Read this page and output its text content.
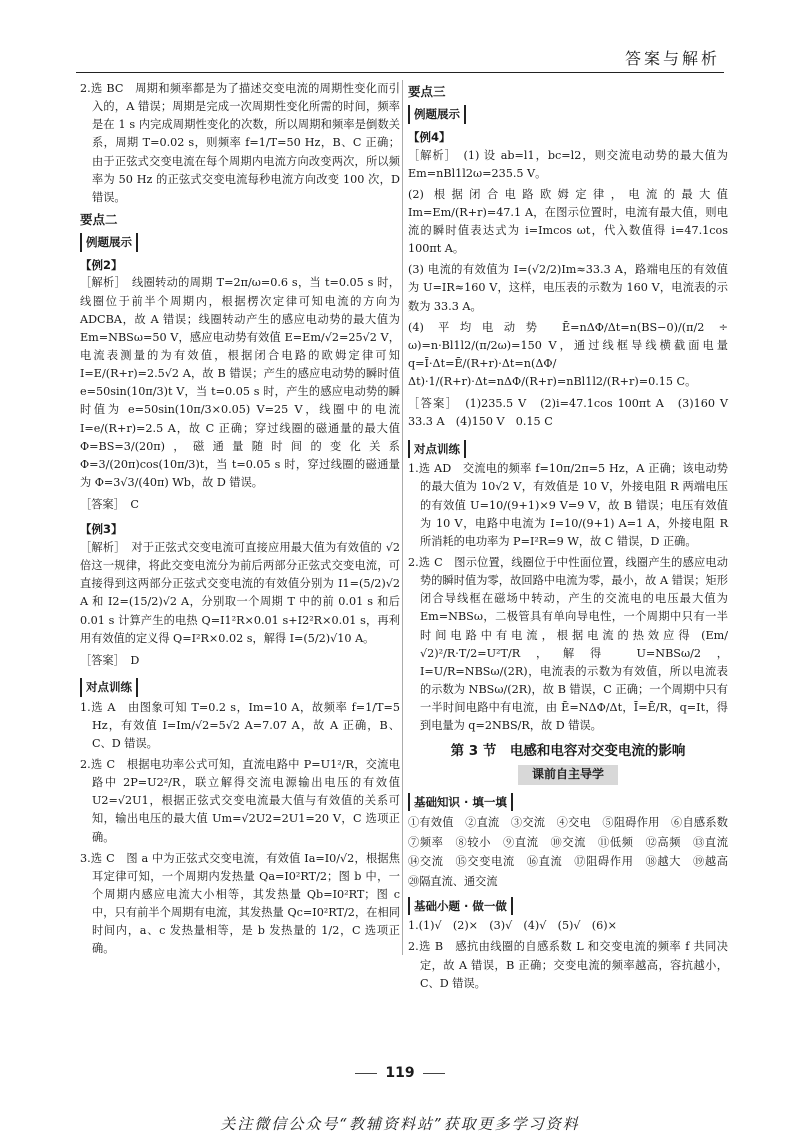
答案与解析

2.选 BC　周期和频率都是为了描述交变电流的周期性变化而引入的，A 错误；周期是完成一次周期性变化所需的时间，频率是在 1 s 内完成周期性变化的次数，所以周期和频率是倒数关系，周期 T=0.02 s，则频率 f=1/T=50 Hz，B、C 正确；由于正弦式交变电流在每个周期内电流方向改变两次，所以频率为 50 Hz 的正弦式交变电流每秒电流方向改变 100 次，D 错误。

要点二
例题展示
【例2】

［解析］　线圈转动的周期 T=2π/ω=0.6 s，当 t=0.05 s 时，线圈位于前半个周期内，根据楞次定律可知电流的方向为 ADCBA，故 A 错误；线圈转动产生的感应电动势的最大值为 Em=NBSω=50 V，感应电动势有效值 E=Em/√2=25√2 V，电流表测量的为有效值，根据闭合电路的欧姆定律可知 I=E/(R+r)=2.5√2 A，故 B 错误；产生的感应电动势的瞬时值 e=50sin(10π/3)t V，当 t=0.05 s 时，产生的感应电动势的瞬时值为 e=50sin(10π/3×0.05) V=25 V，线圈中的电流 I=e/(R+r)=2.5 A，故 C 正确；穿过线圈的磁通量的最大值 Φ=BS=3/(20π)，磁通量随时间的变化关系 Φ=3/(20π)cos(10π/3)t，当 t=0.05 s 时，穿过线圈的磁通量为 Φ=3√3/(40π) Wb，故 D 错误。

［答案］　C

【例3】

［解析］　对于正弦式交变电流可直接应用最大值为有效值的 √2 倍这一规律，将此交变电流分为前后两部分正弦式交变电流，可直接得到这两部分正弦式交变电流的有效值分别为 I1=(5/2)√2 A 和 I2=(15/2)√2 A，分别取一个周期 T 中的前 0.01 s 和后 0.01 s 计算产生的电热 Q=I1²R×0.01 s+I2²R×0.01 s，再利用有效值的定义得 Q=I²R×0.02 s，解得 I=(5/2)√10 A。

［答案］　D

对点训练

1.选 A　由图象可知 T=0.2 s，Im=10 A，故频率 f=1/T=5 Hz，有效值 I=Im/√2=5√2 A=7.07 A，故 A 正确，B、C、D 错误。

2.选 C　根据电功率公式可知，直流电路中 P=U1²/R，交流电路中 2P=U2²/R，联立解得交流电源输出电压的有效值 U2=√2U1，根据正弦式交变电流最大值与有效值的关系可知，输出电压的最大值 Um=√2U2=2U1=20 V，C 选项正确。

3.选 C　图 a 中为正弦式交变电流，有效值 Ia=I0/√2，根据焦耳定律可知，一个周期内发热量 Qa=I0²RT/2；图 b 中，一个周期内感应电流大小相等，其发热量 Qb=I0²RT；图 c 中，只有前半个周期有电流，其发热量 Qc=I0²RT/2，在相同时间内，a、c 发热量相等，是 b 发热量的 1/2，C 选项正确。

要点三
例题展示
【例4】

［解析］　(1) 设 ab=l1，bc=l2，则交流电动势的最大值为 Em=nBl1l2ω=235.5 V。

(2) 根据闭合电路欧姆定律，电流的最大值 Im=Em/(R+r)=47.1 A，在图示位置时，电流有最大值，则电流的瞬时值表达式为 i=Imcos ωt，代入数值得 i=47.1cos 100πt A。

(3) 电流的有效值为 I=(√2/2)Im≈33.3 A，路端电压的有效值为 U=IR≈160 V，这样，电压表的示数为 160 V，电流表的示数为 33.3 A。

(4) 平均电动势 Ē=nΔΦ/Δt=n(BS−0)/(π/2 ÷ ω)=n·Bl1l2/(π/2ω)=150 V，通过线框导线横截面电量 q=Ī·Δt=Ē/(R+r)·Δt=n(ΔΦ/Δt)·1/(R+r)·Δt=nΔΦ/(R+r)=nBl1l2/(R+r)=0.15 C。

［答案］　(1)235.5 V　(2)i=47.1cos 100πt A　(3)160 V　33.3 A　(4)150 V　0.15 C

对点训练

1.选 AD　交流电的频率 f=10π/2π=5 Hz，A 正确；该电动势的最大值为 10√2 V，有效值是 10 V，外接电阻 R 两端电压的有效值 U=10/(9+1)×9 V=9 V，故 B 错误；电压有效值为 10 V，电路中电流为 I=10/(9+1) A=1 A，外接电阻 R 所消耗的电功率为 P=I²R=9 W，故 C 错误，D 正确。

2.选 C　图示位置，线圈位于中性面位置，线圈产生的感应电动势的瞬时值为零，故回路中电流为零，最小，故 A 错误；矩形闭合导线框在磁场中转动，产生的交流电的电压最大值为 Em=NBSω，二极管具有单向导电性，一个周期中只有一半时间电路中有电流，根据电流的热效应得 (Em/√2)²/R·T/2=U²T/R，解得 U=NBSω/2，I=U/R=NBSω/(2R)，电流表的示数为有效值，所以电流表的示数为 NBSω/(2R)，故 B 错误，C 正确；一个周期中只有一半时间电路中有电流，由 Ē=NΔΦ/Δt，Ī=Ē/R，q=It，得到电量为 q=2NBS/R，故 D 错误。

第 3 节　电感和电容对交变电流的影响
课前自主导学
基础知识 · 填一填

①有效值　②直流　③交流　④交电　⑤阻碍作用　⑥自感系数　⑦频率　⑧较小　⑨直流　⑩交流　⑪低频　⑫高频　⑬直流　⑭交流　⑮交变电流　⑯直流　⑰阻碍作用　⑱越大　⑲越高　⑳隔直流、通交流

基础小题 · 做一做

1.(1)√　(2)×　(3)√　(4)√　(5)√　(6)×

2.选 B　感抗由线圈的自感系数 L 和交变电流的频率 f 共同决定，故 A 错误，B 正确；交变电流的频率越高，容抗越小，C、D 错误。

119
关注微信公众号“教辅资料站”获取更多学习资料
